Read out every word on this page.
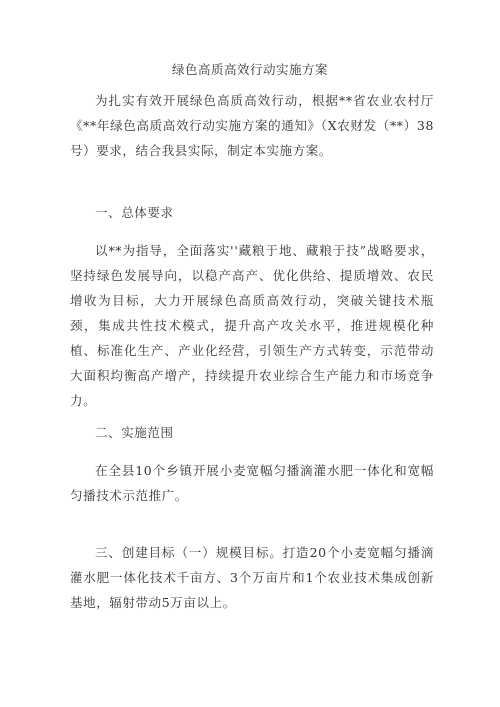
绿色高质高效行动实施方案

为扎实有效开展绿色高质高效行动，根据**省农业农村厅《**年绿色高质高效行动实施方案的通知》（X农财发（**）38号）要求，结合我县实际，制定本实施方案。

一、总体要求

以**为指导，全面落实''藏粮于地、藏粮于技”战略要求，坚持绿色发展导向，以稳产高产、优化供给、提质增效、农民增收为目标，大力开展绿色高质高效行动，突破关键技术瓶颈，集成共性技术模式，提升高产攻关水平，推进规模化种植、标准化生产、产业化经营，引领生产方式转变，示范带动大面积均衡高产增产，持续提升农业综合生产能力和市场竞争力。

二、实施范围

在全县10个乡镇开展小麦宽幅匀播滴灌水肥一体化和宽幅匀播技术示范推广。

三、创建目标（一）规模目标。打造20个小麦宽幅匀播滴灌水肥一体化技术千亩方、3个万亩片和1个农业技术集成创新基地，辐射带动5万亩以上。
